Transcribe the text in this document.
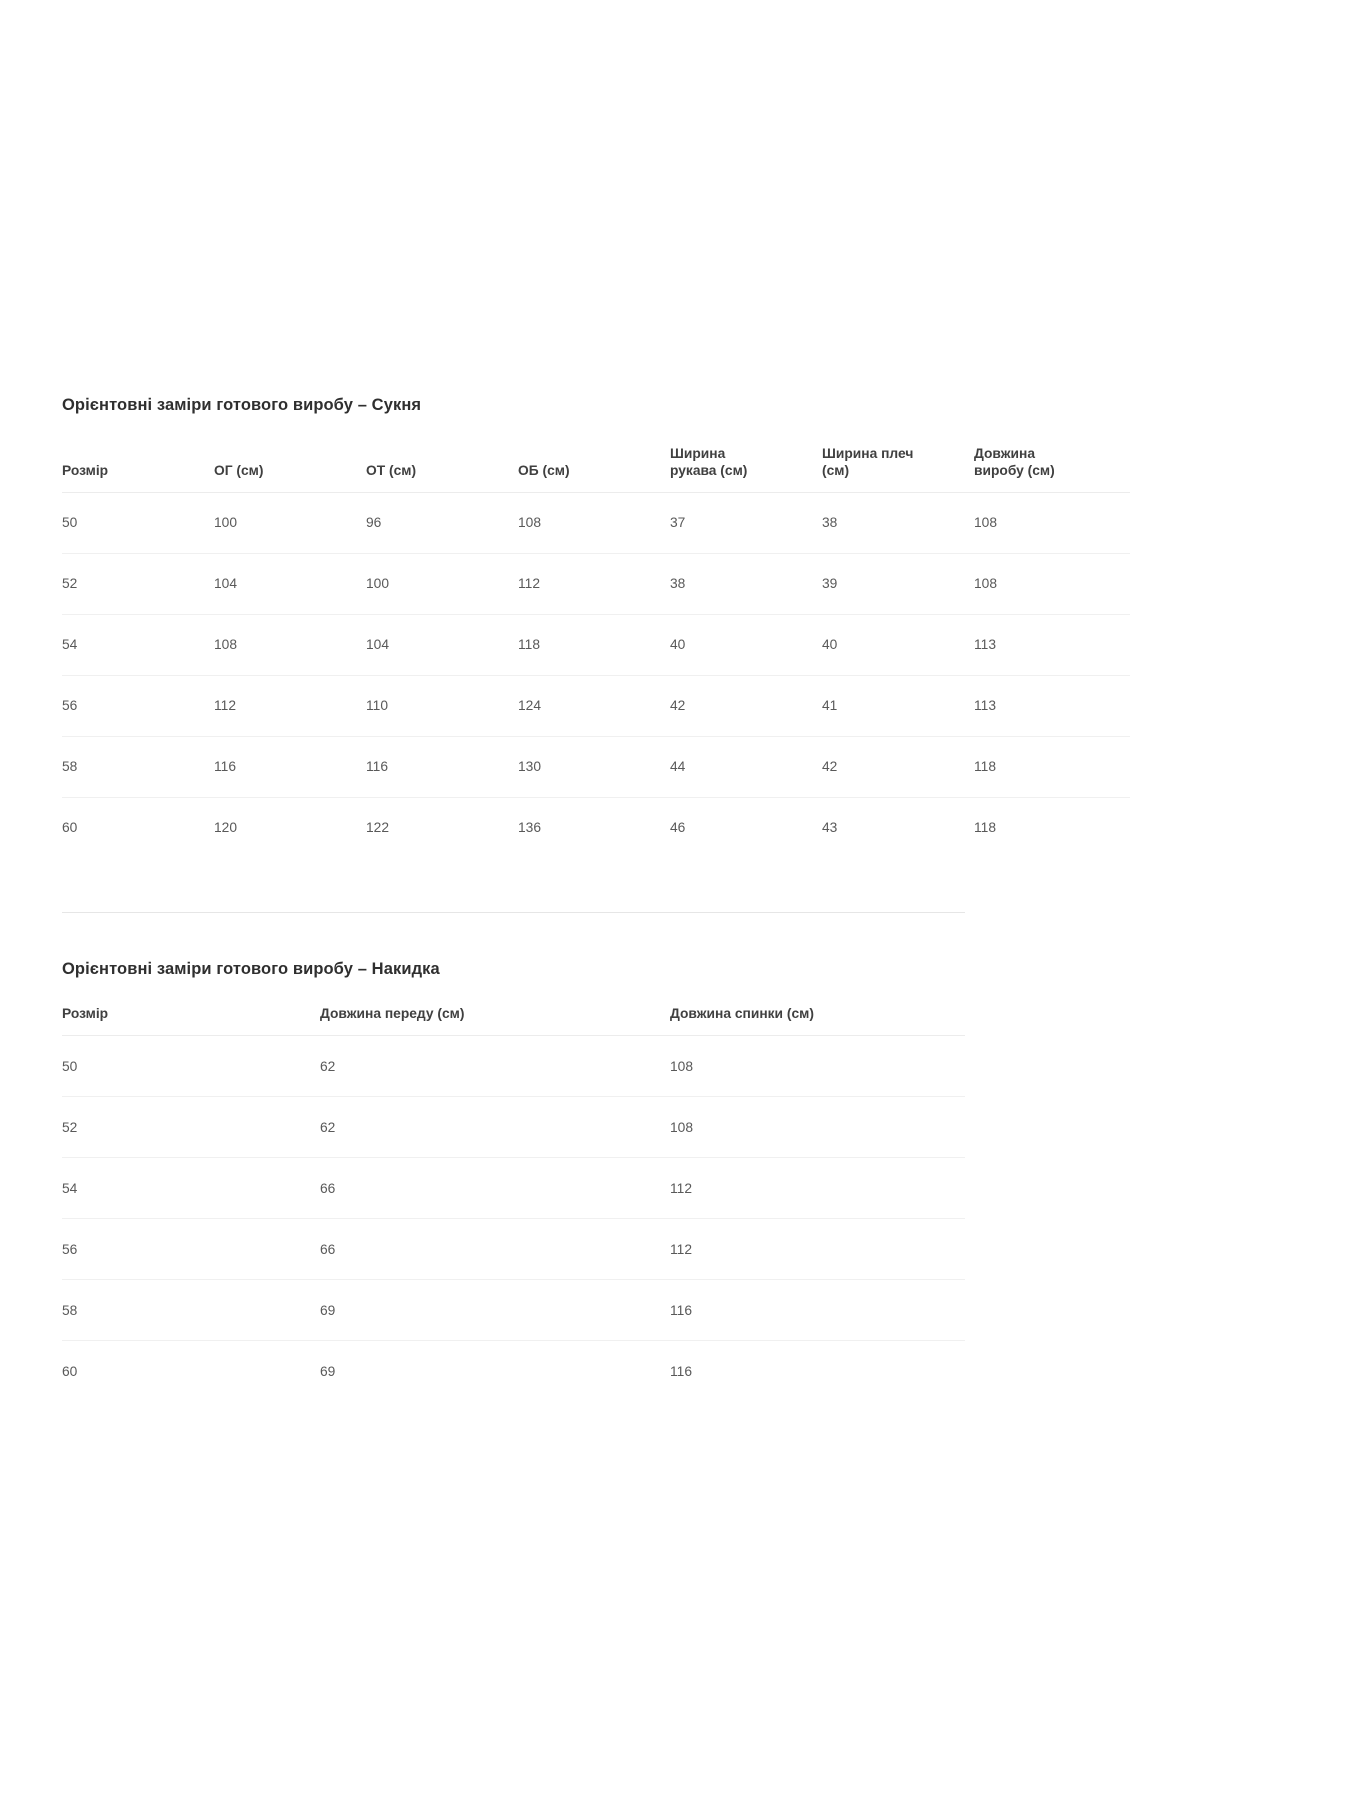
Орієнтовні заміри готового виробу – Сукня
Розмір	ОГ (см)	ОТ (см)	ОБ (см)	Ширина рукава (см)	Ширина плеч (см)	Довжина виробу (см)

50	100	96	108	37	38	108
52	104	100	112	38	39	108
54	108	104	118	40	40	113
56	112	110	124	42	41	113
58	116	116	130	44	42	118
60	120	122	136	46	43	118
Орієнтовні заміри готового виробу – Накидка
Розмір	Довжина переду (см)	Довжина спинки (см)

50	62	108
52	62	108
54	66	112
56	66	112
58	69	116
60	69	116
